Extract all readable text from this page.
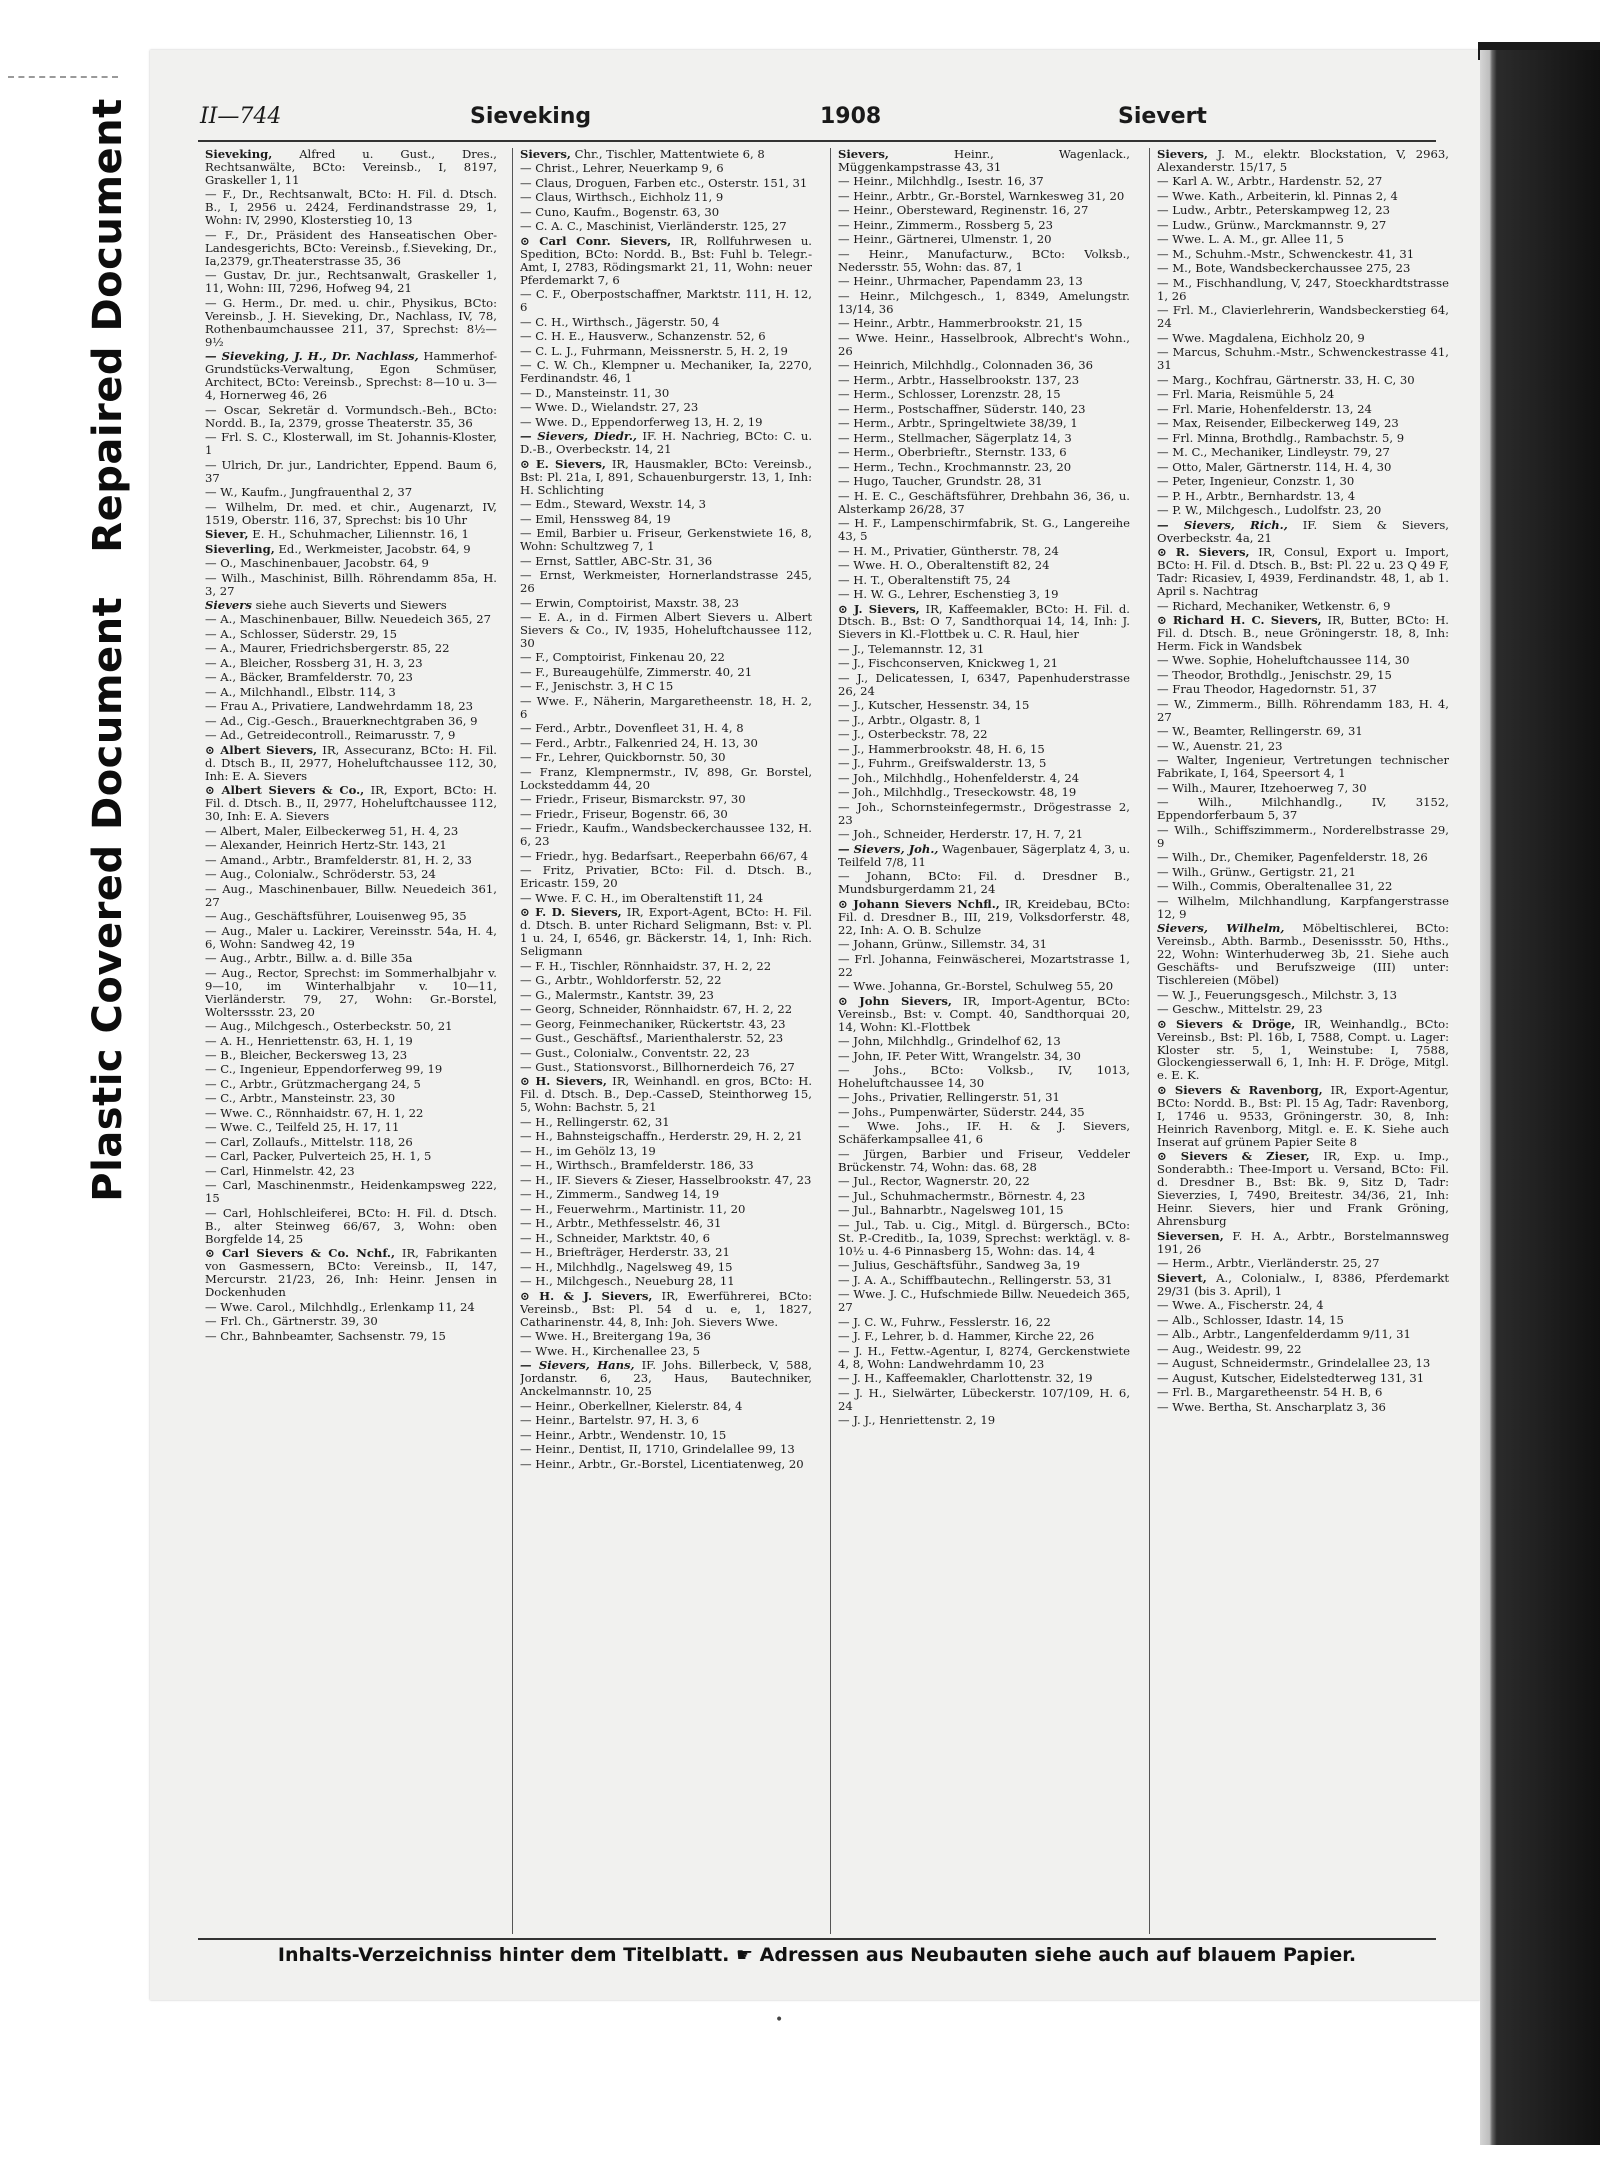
Plastic Covered DocumentRepaired Document	II—744	Sieveking	1908	Sievert
Sieveking, Alfred u. Gust., Dres., Rechtsanwälte, BCto: Vereinsb., I, 8197, Graskeller 1, 11
— F., Dr., Rechtsanwalt, BCto: H. Fil. d. Dtsch. B., I, 2956 u. 2424, Ferdinandstrasse 29, 1, Wohn: IV, 2990, Klosterstieg 10, 13
— F., Dr., Präsident des Hanseatischen Ober-Landesgerichts, BCto: Vereinsb., f.Sieveking, Dr., Ia,2379, gr.Theaterstrasse 35, 36
— Gustav, Dr. jur., Rechtsanwalt, Graskeller 1, 11, Wohn: III, 7296, Hofweg 94, 21
— G. Herm., Dr. med. u. chir., Physikus, BCto: Vereinsb., J. H. Sieveking, Dr., Nachlass, IV, 78, Rothenbaumchaussee 211, 37, Sprechst: 8½—9½
— Sieveking, J. H., Dr. Nachlass, Hammerhof-Grundstücks-Verwaltung, Egon Schmüser, Architect, BCto: Vereinsb., Sprechst: 8—10 u. 3—4, Hornerweg 46, 26
— Oscar, Sekretär d. Vormundsch.-Beh., BCto: Nordd. B., Ia, 2379, grosse Theaterstr. 35, 36
— Frl. S. C., Klosterwall, im St. Johannis-Kloster, 1
— Ulrich, Dr. jur., Landrichter, Eppend. Baum 6, 37
— W., Kaufm., Jungfrauenthal 2, 37
— Wilhelm, Dr. med. et chir., Augenarzt, IV, 1519, Oberstr. 116, 37, Sprechst: bis 10 Uhr
Siever, E. H., Schuhmacher, Liliennstr. 16, 1
Sieverling, Ed., Werkmeister, Jacobstr. 64, 9
— O., Maschinenbauer, Jacobstr. 64, 9
— Wilh., Maschinist, Billh. Röhrendamm 85a, H. 3, 27
Sievers siehe auch Sieverts und Siewers
— A., Maschinenbauer, Billw. Neuedeich 365, 27
— A., Schlosser, Süderstr. 29, 15
— A., Maurer, Friedrichsbergerstr. 85, 22
— A., Bleicher, Rossberg 31, H. 3, 23
— A., Bäcker, Bramfelderstr. 70, 23
— A., Milchhandl., Elbstr. 114, 3
— Frau A., Privatiere, Landwehrdamm 18, 23
— Ad., Cig.-Gesch., Brauerknechtgraben 36, 9
— Ad., Getreidecontroll., Reimarusstr. 7, 9
⊙ Albert Sievers, IR, Assecuranz, BCto: H. Fil. d. Dtsch B., II, 2977, Hoheluftchaussee 112, 30, Inh: E. A. Sievers
⊙ Albert Sievers & Co., IR, Export, BCto: H. Fil. d. Dtsch. B., II, 2977, Hoheluftchaussee 112, 30, Inh: E. A. Sievers
— Albert, Maler, Eilbeckerweg 51, H. 4, 23
— Alexander, Heinrich Hertz-Str. 143, 21
— Amand., Arbtr., Bramfelderstr. 81, H. 2, 33
— Aug., Colonialw., Schröderstr. 53, 24
— Aug., Maschinenbauer, Billw. Neuedeich 361, 27
— Aug., Geschäftsführer, Louisenweg 95, 35
— Aug., Maler u. Lackirer, Vereinsstr. 54a, H. 4, 6, Wohn: Sandweg 42, 19
— Aug., Arbtr., Billw. a. d. Bille 35a
— Aug., Rector, Sprechst: im Sommerhalbjahr v. 9—10, im Winterhalbjahr v. 10—11, Vierländerstr. 79, 27, Wohn: Gr.-Borstel, Wolterssstr. 23, 20
— Aug., Milchgesch., Osterbeckstr. 50, 21
— A. H., Henriettenstr. 63, H. 1, 19
— B., Bleicher, Beckersweg 13, 23
— C., Ingenieur, Eppendorferweg 99, 19
— C., Arbtr., Grützmachergang 24, 5
— C., Arbtr., Mansteinstr. 23, 30
— Wwe. C., Rönnhaidstr. 67, H. 1, 22
— Wwe. C., Teilfeld 25, H. 17, 11
— Carl, Zollaufs., Mittelstr. 118, 26
— Carl, Packer, Pulverteich 25, H. 1, 5
— Carl, Hinmelstr. 42, 23
— Carl, Maschinenmstr., Heidenkampsweg 222, 15
— Carl, Hohlschleiferei, BCto: H. Fil. d. Dtsch. B., alter Steinweg 66/67, 3, Wohn: oben Borgfelde 14, 25
⊙ Carl Sievers & Co. Nchf., IR, Fabrikanten von Gasmessern, BCto: Vereinsb., II, 147, Mercurstr. 21/23, 26, Inh: Heinr. Jensen in Dockenhuden
— Wwe. Carol., Milchhdlg., Erlenkamp 11, 24
— Frl. Ch., Gärtnerstr. 39, 30
— Chr., Bahnbeamter, Sachsenstr. 79, 15
Sievers, Chr., Tischler, Mattentwiete 6, 8
— Christ., Lehrer, Neuerkamp 9, 6
— Claus, Droguen, Farben etc., Osterstr. 151, 31
— Claus, Wirthsch., Eichholz 11, 9
— Cuno, Kaufm., Bogenstr. 63, 30
— C. A. C., Maschinist, Vierländerstr. 125, 27
⊙ Carl Conr. Sievers, IR, Rollfuhrwesen u. Spedition, BCto: Nordd. B., Bst: Fuhl b. Telegr.-Amt, I, 2783, Rödingsmarkt 21, 11, Wohn: neuer Pferdemarkt 7, 6
— C. F., Oberpostschaffner, Marktstr. 111, H. 12, 6
— C. H., Wirthsch., Jägerstr. 50, 4
— C. H. E., Hausverw., Schanzenstr. 52, 6
— C. L. J., Fuhrmann, Meissnerstr. 5, H. 2, 19
— C. W. Ch., Klempner u. Mechaniker, Ia, 2270, Ferdinandstr. 46, 1
— D., Mansteinstr. 11, 30
— Wwe. D., Wielandstr. 27, 23
— Wwe. D., Eppendorferweg 13, H. 2, 19
— Sievers, Diedr., IF. H. Nachrieg, BCto: C. u. D.-B., Overbeckstr. 14, 21
⊙ E. Sievers, IR, Hausmakler, BCto: Vereinsb., Bst: Pl. 21a, I, 891, Schauenburgerstr. 13, 1, Inh: H. Schlichting
— Edm., Steward, Wexstr. 14, 3
— Emil, Henssweg 84, 19
— Emil, Barbier u. Friseur, Gerkenstwiete 16, 8, Wohn: Schultzweg 7, 1
— Ernst, Sattler, ABC-Str. 31, 36
— Ernst, Werkmeister, Hornerlandstrasse 245, 26
— Erwin, Comptoirist, Maxstr. 38, 23
— E. A., in d. Firmen Albert Sievers u. Albert Sievers & Co., IV, 1935, Hoheluftchaussee 112, 30
— F., Comptoirist, Finkenau 20, 22
— F., Bureaugehülfe, Zimmerstr. 40, 21
— F., Jenischstr. 3, H C 15
— Wwe. F., Näherin, Margaretheenstr. 18, H. 2, 6
— Ferd., Arbtr., Dovenfleet 31, H. 4, 8
— Ferd., Arbtr., Falkenried 24, H. 13, 30
— Fr., Lehrer, Quickbornstr. 50, 30
— Franz, Klempnermstr., IV, 898, Gr. Borstel, Locksteddamm 44, 20
— Friedr., Friseur, Bismarckstr. 97, 30
— Friedr., Friseur, Bogenstr. 66, 30
— Friedr., Kaufm., Wandsbeckerchaussee 132, H. 6, 23
— Friedr., hyg. Bedarfsart., Reeperbahn 66/67, 4
— Fritz, Privatier, BCto: Fil. d. Dtsch. B., Ericastr. 159, 20
— Wwe. F. C. H., im Oberaltenstift 11, 24
⊙ F. D. Sievers, IR, Export-Agent, BCto: H. Fil. d. Dtsch. B. unter Richard Seligmann, Bst: v. Pl. 1 u. 24, I, 6546, gr. Bäckerstr. 14, 1, Inh: Rich. Seligmann
— F. H., Tischler, Rönnhaidstr. 37, H. 2, 22
— G., Arbtr., Wohldorferstr. 52, 22
— G., Malermstr., Kantstr. 39, 23
— Georg, Schneider, Rönnhaidstr. 67, H. 2, 22
— Georg, Feinmechaniker, Rückertstr. 43, 23
— Gust., Geschäftsf., Marienthalerstr. 52, 23
— Gust., Colonialw., Conventstr. 22, 23
— Gust., Stationsvorst., Billhornerdeich 76, 27
⊙ H. Sievers, IR, Weinhandl. en gros, BCto: H. Fil. d. Dtsch. B., Dep.-CasseD, Steinthorweg 15, 5, Wohn: Bachstr. 5, 21
— H., Rellingerstr. 62, 31
— H., Bahnsteigschaffn., Herderstr. 29, H. 2, 21
— H., im Gehölz 13, 19
— H., Wirthsch., Bramfelderstr. 186, 33
— H., IF. Sievers & Zieser, Hasselbrookstr. 47, 23
— H., Zimmerm., Sandweg 14, 19
— H., Feuerwehrm., Martinistr. 11, 20
— H., Arbtr., Methfesselstr. 46, 31
— H., Schneider, Marktstr. 40, 6
— H., Briefträger, Herderstr. 33, 21
— H., Milchhdlg., Nagelsweg 49, 15
— H., Milchgesch., Neueburg 28, 11
⊙ H. & J. Sievers, IR, Ewerführerei, BCto: Vereinsb., Bst: Pl. 54 d u. e, 1, 1827, Catharinenstr. 44, 8, Inh: Joh. Sievers Wwe.
— Wwe. H., Breitergang 19a, 36
— Wwe. H., Kirchenallee 23, 5
— Sievers, Hans, IF. Johs. Billerbeck, V, 588, Jordanstr. 6, 23, Haus, Bautechniker, Anckelmannstr. 10, 25
— Heinr., Oberkellner, Kielerstr. 84, 4
— Heinr., Bartelstr. 97, H. 3, 6
— Heinr., Arbtr., Wendenstr. 10, 15
— Heinr., Dentist, II, 1710, Grindelallee 99, 13
— Heinr., Arbtr., Gr.-Borstel, Licentiatenweg, 20
Sievers, Heinr., Wagenlack., Müggenkampstrasse 43, 31
— Heinr., Milchhdlg., Isestr. 16, 37
— Heinr., Arbtr., Gr.-Borstel, Warnkesweg 31, 20
— Heinr., Obersteward, Reginenstr. 16, 27
— Heinr., Zimmerm., Rossberg 5, 23
— Heinr., Gärtnerei, Ulmenstr. 1, 20
— Heinr., Manufacturw., BCto: Volksb., Nedersstr. 55, Wohn: das. 87, 1
— Heinr., Uhrmacher, Papendamm 23, 13
— Heinr., Milchgesch., 1, 8349, Amelungstr. 13/14, 36
— Heinr., Arbtr., Hammerbrookstr. 21, 15
— Wwe. Heinr., Hasselbrook, Albrecht's Wohn., 26
— Heinrich, Milchhdlg., Colonnaden 36, 36
— Herm., Arbtr., Hasselbrookstr. 137, 23
— Herm., Schlosser, Lorenzstr. 28, 15
— Herm., Postschaffner, Süderstr. 140, 23
— Herm., Arbtr., Springeltwiete 38/39, 1
— Herm., Stellmacher, Sägerplatz 14, 3
— Herm., Oberbrieftr., Sternstr. 133, 6
— Herm., Techn., Krochmannstr. 23, 20
— Hugo, Taucher, Grundstr. 28, 31
— H. E. C., Geschäftsführer, Drehbahn 36, 36, u. Alsterkamp 26/28, 37
— H. F., Lampenschirmfabrik, St. G., Langereihe 43, 5
— H. M., Privatier, Güntherstr. 78, 24
— Wwe. H. O., Oberaltenstift 82, 24
— H. T., Oberaltenstift 75, 24
— H. W. G., Lehrer, Eschenstieg 3, 19
⊙ J. Sievers, IR, Kaffeemakler, BCto: H. Fil. d. Dtsch. B., Bst: O 7, Sandthorquai 14, 14, Inh: J. Sievers in Kl.-Flottbek u. C. R. Haul, hier
— J., Telemannstr. 12, 31
— J., Fischconserven, Knickweg 1, 21
— J., Delicatessen, I, 6347, Papenhuderstrasse 26, 24
— J., Kutscher, Hessenstr. 34, 15
— J., Arbtr., Olgastr. 8, 1
— J., Osterbeckstr. 78, 22
— J., Hammerbrookstr. 48, H. 6, 15
— J., Fuhrm., Greifswalderstr. 13, 5
— Joh., Milchhdlg., Hohenfelderstr. 4, 24
— Joh., Milchhdlg., Treseckowstr. 48, 19
— Joh., Schornsteinfegermstr., Drögestrasse 2, 23
— Joh., Schneider, Herderstr. 17, H. 7, 21
— Sievers, Joh., Wagenbauer, Sägerplatz 4, 3, u. Teilfeld 7/8, 11
— Johann, BCto: Fil. d. Dresdner B., Mundsburgerdamm 21, 24
⊙ Johann Sievers Nchfl., IR, Kreidebau, BCto: Fil. d. Dresdner B., III, 219, Volksdorferstr. 48, 22, Inh: A. O. B. Schulze
— Johann, Grünw., Sillemstr. 34, 31
— Frl. Johanna, Feinwäscherei, Mozartstrasse 1, 22
— Wwe. Johanna, Gr.-Borstel, Schulweg 55, 20
⊙ John Sievers, IR, Import-Agentur, BCto: Vereinsb., Bst: v. Compt. 40, Sandthorquai 20, 14, Wohn: Kl.-Flottbek
— John, Milchhdlg., Grindelhof 62, 13
— John, IF. Peter Witt, Wrangelstr. 34, 30
— Johs., BCto: Volksb., IV, 1013, Hoheluftchaussee 14, 30
— Johs., Privatier, Rellingerstr. 51, 31
— Johs., Pumpenwärter, Süderstr. 244, 35
— Wwe. Johs., IF. H. & J. Sievers, Schäferkampsallee 41, 6
— Jürgen, Barbier und Friseur, Veddeler Brückenstr. 74, Wohn: das. 68, 28
— Jul., Rector, Wagnerstr. 20, 22
— Jul., Schuhmachermstr., Börnestr. 4, 23
— Jul., Bahnarbtr., Nagelsweg 101, 15
— Jul., Tab. u. Cig., Mitgl. d. Bürgersch., BCto: St. P.-Creditb., Ia, 1039, Sprechst: werktägl. v. 8-10½ u. 4-6 Pinnasberg 15, Wohn: das. 14, 4
— Julius, Geschäftsführ., Sandweg 3a, 19
— J. A. A., Schiffbautechn., Rellingerstr. 53, 31
— Wwe. J. C., Hufschmiede Billw. Neuedeich 365, 27
— J. C. W., Fuhrw., Fesslerstr. 16, 22
— J. F., Lehrer, b. d. Hammer, Kirche 22, 26
— J. H., Fettw.-Agentur, I, 8274, Gerckenstwiete 4, 8, Wohn: Landwehrdamm 10, 23
— J. H., Kaffeemakler, Charlottenstr. 32, 19
— J. H., Sielwärter, Lübeckerstr. 107/109, H. 6, 24
— J. J., Henriettenstr. 2, 19
Sievers, J. M., elektr. Blockstation, V, 2963, Alexanderstr. 15/17, 5
— Karl A. W., Arbtr., Hardenstr. 52, 27
— Wwe. Kath., Arbeiterin, kl. Pinnas 2, 4
— Ludw., Arbtr., Peterskampweg 12, 23
— Ludw., Grünw., Marckmannstr. 9, 27
— Wwe. L. A. M., gr. Allee 11, 5
— M., Schuhm.-Mstr., Schwenckestr. 41, 31
— M., Bote, Wandsbeckerchaussee 275, 23
— M., Fischhandlung, V, 247, Stoeckhardtstrasse 1, 26
— Frl. M., Clavierlehrerin, Wandsbeckerstieg 64, 24
— Wwe. Magdalena, Eichholz 20, 9
— Marcus, Schuhm.-Mstr., Schwenckestrasse 41, 31
— Marg., Kochfrau, Gärtnerstr. 33, H. C, 30
— Frl. Maria, Reismühle 5, 24
— Frl. Marie, Hohenfelderstr. 13, 24
— Max, Reisender, Eilbeckerweg 149, 23
— Frl. Minna, Brothdlg., Rambachstr. 5, 9
— M. C., Mechaniker, Lindleystr. 79, 27
— Otto, Maler, Gärtnerstr. 114, H. 4, 30
— Peter, Ingenieur, Conzstr. 1, 30
— P. H., Arbtr., Bernhardstr. 13, 4
— P. W., Milchgesch., Ludolfstr. 23, 20
— Sievers, Rich., IF. Siem & Sievers, Overbeckstr. 4a, 21
⊙ R. Sievers, IR, Consul, Export u. Import, BCto: H. Fil. d. Dtsch. B., Bst: Pl. 22 u. 23 Q 49 F, Tadr: Ricasiev, I, 4939, Ferdinandstr. 48, 1, ab 1. April s. Nachtrag
— Richard, Mechaniker, Wetkenstr. 6, 9
⊙ Richard H. C. Sievers, IR, Butter, BCto: H. Fil. d. Dtsch. B., neue Gröningerstr. 18, 8, Inh: Herm. Fick in Wandsbek
— Wwe. Sophie, Hoheluftchaussee 114, 30
— Theodor, Brothdlg., Jenischstr. 29, 15
— Frau Theodor, Hagedornstr. 51, 37
— W., Zimmerm., Billh. Röhrendamm 183, H. 4, 27
— W., Beamter, Rellingerstr. 69, 31
— W., Auenstr. 21, 23
— Walter, Ingenieur, Vertretungen technischer Fabrikate, I, 164, Speersort 4, 1
— Wilh., Maurer, Itzehoerweg 7, 30
— Wilh., Milchhandlg., IV, 3152, Eppendorferbaum 5, 37
— Wilh., Schiffszimmerm., Norderelbstrasse 29, 9
— Wilh., Dr., Chemiker, Pagenfelderstr. 18, 26
— Wilh., Grünw., Gertigstr. 21, 21
— Wilh., Commis, Oberaltenallee 31, 22
— Wilhelm, Milchhandlung, Karpfangerstrasse 12, 9
Sievers, Wilhelm, Möbeltischlerei, BCto: Vereinsb., Abth. Barmb., Desenissstr. 50, Hths., 22, Wohn: Winterhuderweg 3b, 21. Siehe auch Geschäfts- und Berufszweige (III) unter: Tischlereien (Möbel)
— W. J., Feuerungsgesch., Milchstr. 3, 13
— Geschw., Mittelstr. 29, 23
⊙ Sievers & Dröge, IR, Weinhandlg., BCto: Vereinsb., Bst: Pl. 16b, I, 7588, Compt. u. Lager: Kloster str. 5, 1, Weinstube: I, 7588, Glockengiesserwall 6, 1, Inh: H. F. Dröge, Mitgl. e. E. K.
⊙ Sievers & Ravenborg, IR, Export-Agentur, BCto: Nordd. B., Bst: Pl. 15 Ag, Tadr: Ravenborg, I, 1746 u. 9533, Gröningerstr. 30, 8, Inh: Heinrich Ravenborg, Mitgl. e. E. K. Siehe auch Inserat auf grünem Papier Seite 8
⊙ Sievers & Zieser, IR, Exp. u. Imp., Sonderabth.: Thee-Import u. Versand, BCto: Fil. d. Dresdner B., Bst: Bk. 9, Sitz D, Tadr: Sieverzies, I, 7490, Breitestr. 34/36, 21, Inh: Heinr. Sievers, hier und Frank Gröning, Ahrensburg
Sieversen, F. H. A., Arbtr., Borstelmannsweg 191, 26
— Herm., Arbtr., Vierländerstr. 25, 27
Sievert, A., Colonialw., I, 8386, Pferdemarkt 29/31 (bis 3. April), 1
— Wwe. A., Fischerstr. 24, 4
— Alb., Schlosser, Idastr. 14, 15
— Alb., Arbtr., Langenfelderdamm 9/11, 31
— Aug., Weidestr. 99, 22
— August, Schneidermstr., Grindelallee 23, 13
— August, Kutscher, Eidelstedterweg 131, 31
— Frl. B., Margaretheenstr. 54 H. B, 6
— Wwe. Bertha, St. Anscharplatz 3, 36
Inhalts-Verzeichniss hinter dem Titelblatt. ☛ Adressen aus Neubauten siehe auch auf blauem Papier.
•
